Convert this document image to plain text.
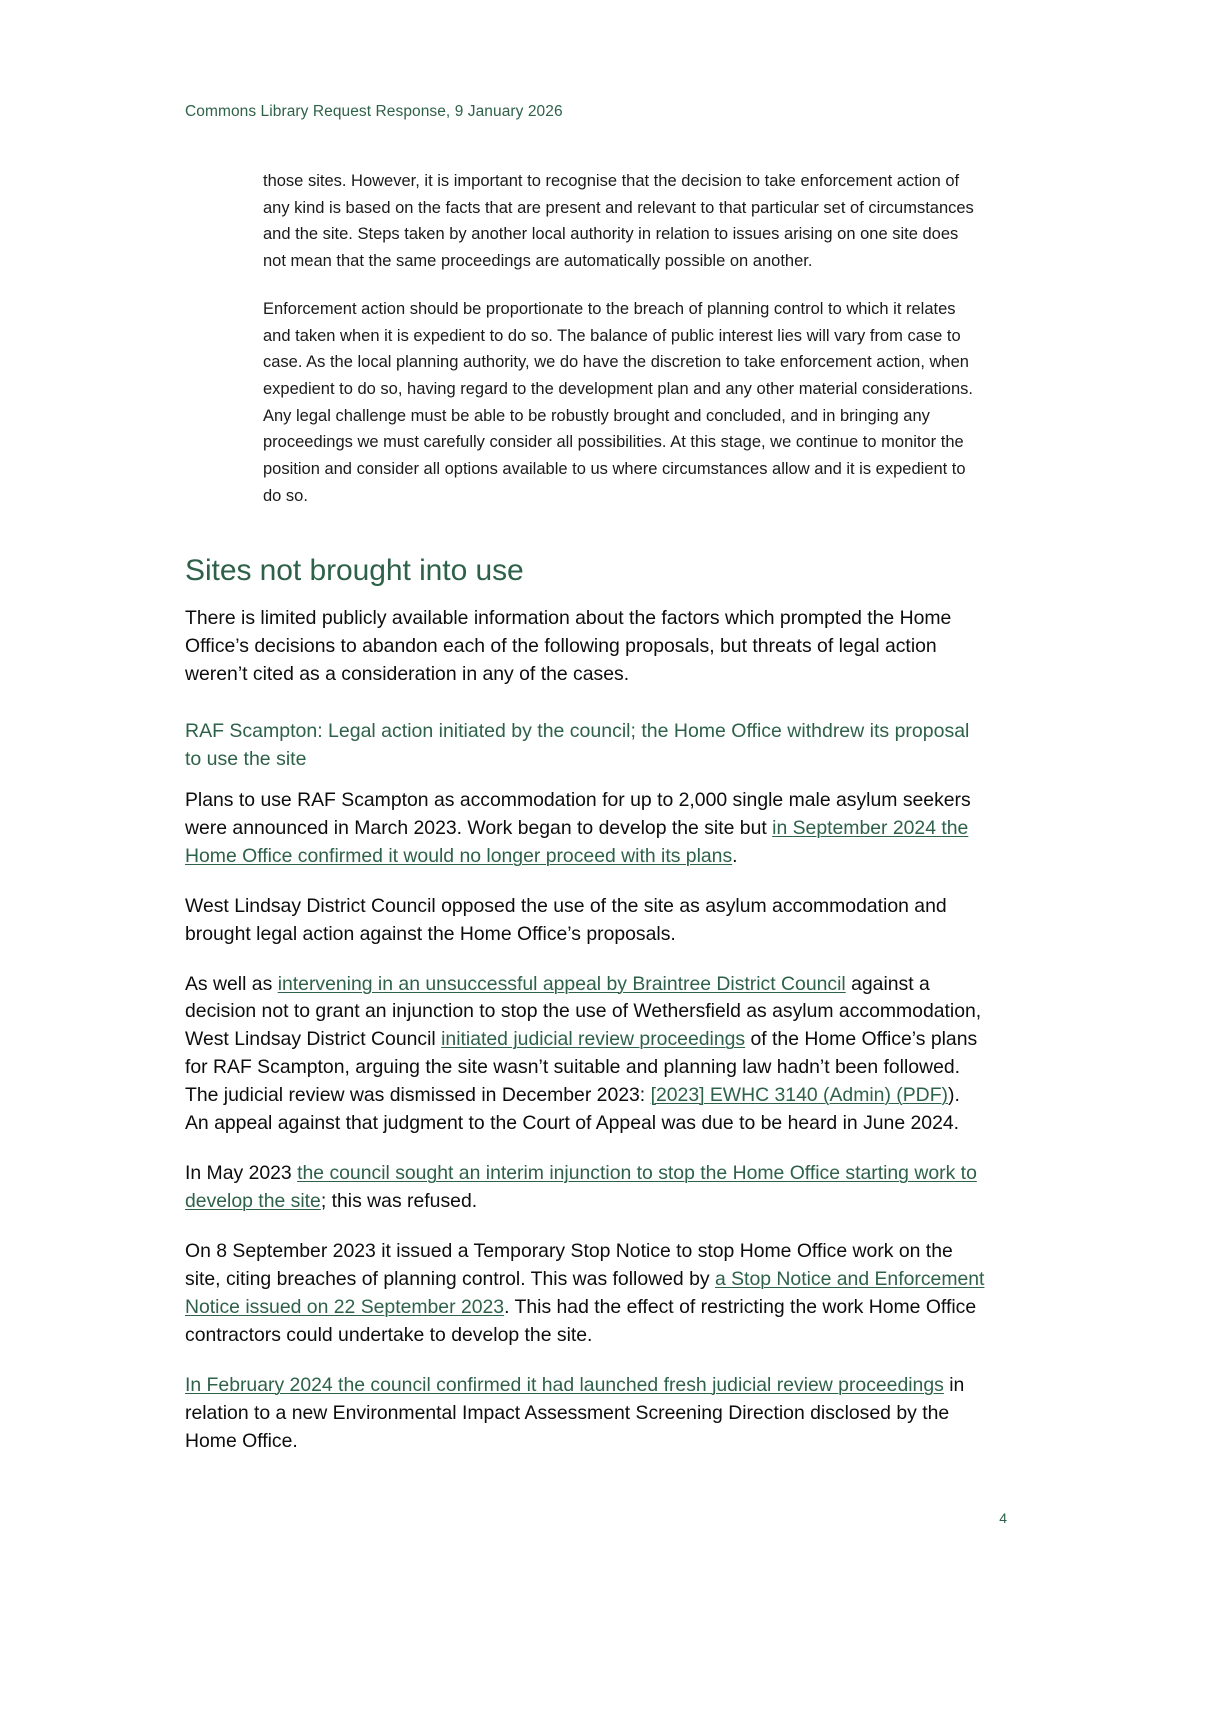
Commons Library Request Response, 9 January 2026
those sites. However, it is important to recognise that the decision to take enforcement action of any kind is based on the facts that are present and relevant to that particular set of circumstances and the site. Steps taken by another local authority in relation to issues arising on one site does not mean that the same proceedings are automatically possible on another.
Enforcement action should be proportionate to the breach of planning control to which it relates and taken when it is expedient to do so. The balance of public interest lies will vary from case to case. As the local planning authority, we do have the discretion to take enforcement action, when expedient to do so, having regard to the development plan and any other material considerations. Any legal challenge must be able to be robustly brought and concluded, and in bringing any proceedings we must carefully consider all possibilities. At this stage, we continue to monitor the position and consider all options available to us where circumstances allow and it is expedient to do so.
Sites not brought into use

There is limited publicly available information about the factors which prompted the Home Office’s decisions to abandon each of the following proposals, but threats of legal action weren’t cited as a consideration in any of the cases.

RAF Scampton: Legal action initiated by the council; the Home Office withdrew its proposal to use the site

Plans to use RAF Scampton as accommodation for up to 2,000 single male asylum seekers were announced in March 2023. Work began to develop the site but in September 2024 the Home Office confirmed it would no longer proceed with its plans.

West Lindsay District Council opposed the use of the site as asylum accommodation and brought legal action against the Home Office’s proposals.

As well as intervening in an unsuccessful appeal by Braintree District Council against a decision not to grant an injunction to stop the use of Wethersfield as asylum accommodation, West Lindsay District Council initiated judicial review proceedings of the Home Office’s plans for RAF Scampton, arguing the site wasn’t suitable and planning law hadn’t been followed. The judicial review was dismissed in December 2023: [2023] EWHC 3140 (Admin) (PDF)). An appeal against that judgment to the Court of Appeal was due to be heard in June 2024.

In May 2023 the council sought an interim injunction to stop the Home Office starting work to develop the site; this was refused.

On 8 September 2023 it issued a Temporary Stop Notice to stop Home Office work on the site, citing breaches of planning control. This was followed by a Stop Notice and Enforcement Notice issued on 22 September 2023. This had the effect of restricting the work Home Office contractors could undertake to develop the site.

In February 2024 the council confirmed it had launched fresh judicial review proceedings in relation to a new Environmental Impact Assessment Screening Direction disclosed by the Home Office.

4
